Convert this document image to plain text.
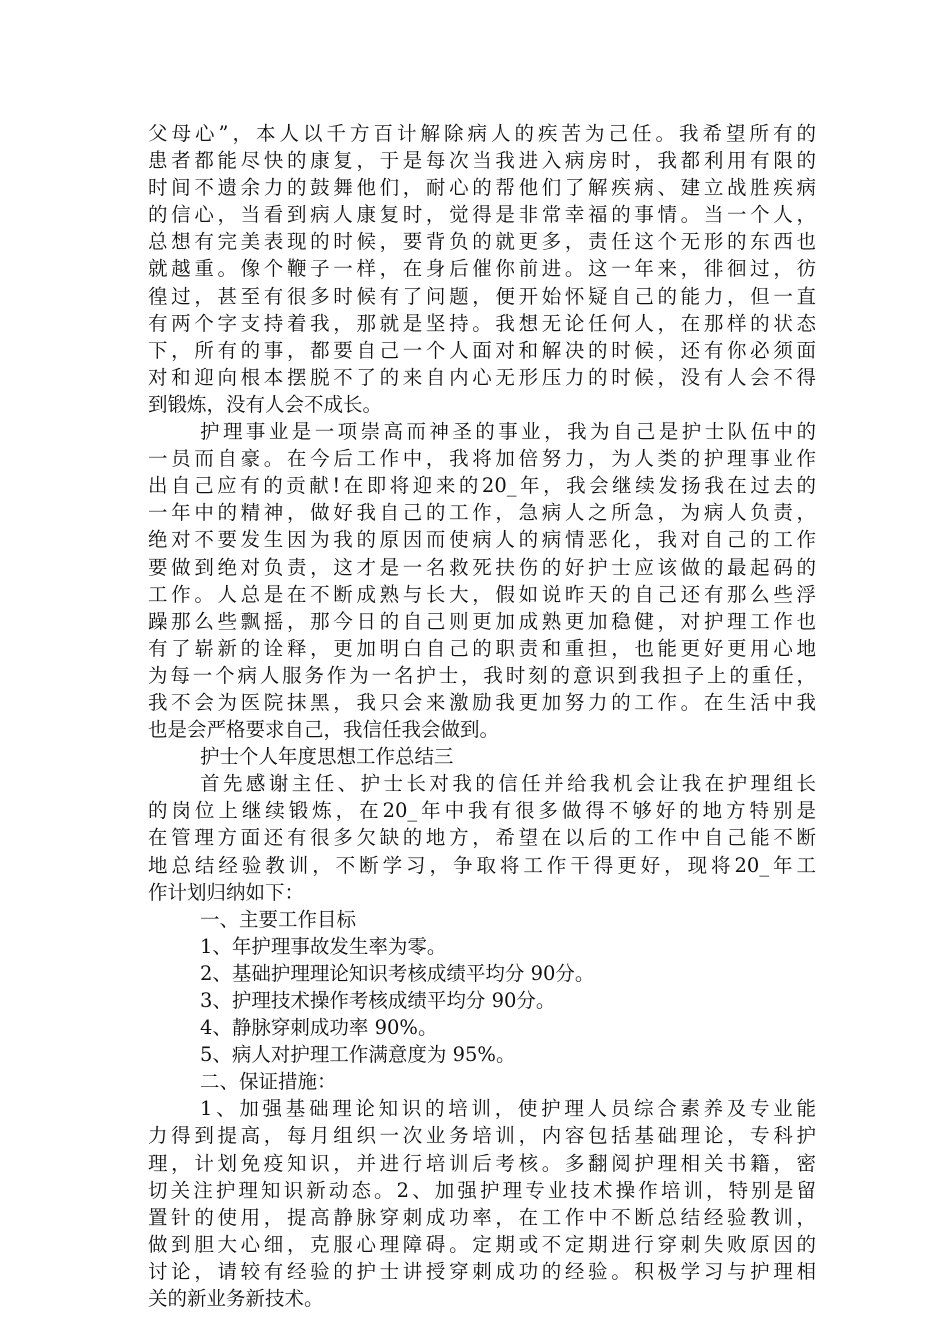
父母心”，本人以千方百计解除病人的疾苦为己任。我希望所有的
患者都能尽快的康复，于是每次当我进入病房时，我都利用有限的
时间不遗余力的鼓舞他们，耐心的帮他们了解疾病、建立战胜疾病
的信心，当看到病人康复时，觉得是非常幸福的事情。当一个人，
总想有完美表现的时候，要背负的就更多，责任这个无形的东西也
就越重。像个鞭子一样，在身后催你前进。这一年来，徘徊过，彷
徨过，甚至有很多时候有了问题，便开始怀疑自己的能力，但一直
有两个字支持着我，那就是坚持。我想无论任何人，在那样的状态
下，所有的事，都要自己一个人面对和解决的时候，还有你必须面
对和迎向根本摆脱不了的来自内心无形压力的时候，没有人会不得
到锻炼，没有人会不成长。
护理事业是一项崇高而神圣的事业，我为自己是护士队伍中的
一员而自豪。在今后工作中，我将加倍努力，为人类的护理事业作
出自己应有的贡献!在即将迎来的20_年，我会继续发扬我在过去的
一年中的精神，做好我自己的工作，急病人之所急，为病人负责，
绝对不要发生因为我的原因而使病人的病情恶化，我对自己的工作
要做到绝对负责，这才是一名救死扶伤的好护士应该做的最起码的
工作。人总是在不断成熟与长大，假如说昨天的自己还有那么些浮
躁那么些飘摇，那今日的自己则更加成熟更加稳健，对护理工作也
有了崭新的诠释，更加明白自己的职责和重担，也能更好更用心地
为每一个病人服务作为一名护士，我时刻的意识到我担子上的重任，
我不会为医院抹黑，我只会来激励我更加努力的工作。在生活中我
也是会严格要求自己，我信任我会做到。
护士个人年度思想工作总结三
首先感谢主任、护士长对我的信任并给我机会让我在护理组长
的岗位上继续锻炼，在20_年中我有很多做得不够好的地方特别是
在管理方面还有很多欠缺的地方，希望在以后的工作中自己能不断
地总结经验教训，不断学习，争取将工作干得更好，现将20_年工
作计划归纳如下：
一、主要工作目标
1、年护理事故发生率为零。
2、基础护理理论知识考核成绩平均分 90分。
3、护理技术操作考核成绩平均分 90分。
4、静脉穿刺成功率 90%。
5、病人对护理工作满意度为 95%。
二、保证措施：
1、加强基础理论知识的培训，使护理人员综合素养及专业能
力得到提高，每月组织一次业务培训，内容包括基础理论，专科护
理，计划免疫知识，并进行培训后考核。多翻阅护理相关书籍，密
切关注护理知识新动态。2、加强护理专业技术操作培训，特别是留
置针的使用，提高静脉穿刺成功率，在工作中不断总结经验教训，
做到胆大心细，克服心理障碍。定期或不定期进行穿刺失败原因的
讨论，请较有经验的护士讲授穿刺成功的经验。积极学习与护理相
关的新业务新技术。
